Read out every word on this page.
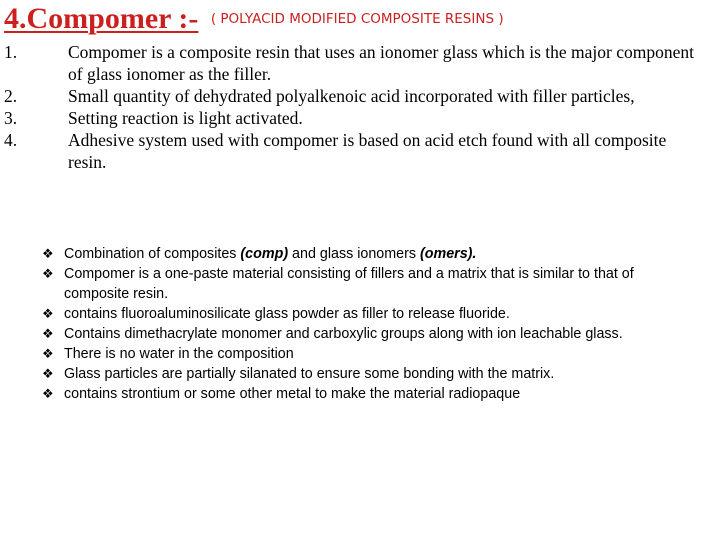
4.Compomer :- $^{( POLYACID MODIFIED COMPOSITE RESINS )}$
1.	Compomer is a composite resin that uses an ionomer glass which is the major component of glass ionomer as the filler.
2.	Small quantity of dehydrated polyalkenoic acid incorporated with filler particles,
3.	Setting reaction is light activated.
4.	Adhesive system used with compomer is based on acid etch found with all composite resin.
❖ Combination of composites (comp) and glass ionomers (omers).
❖ Compomer is a one-paste material consisting of fillers and a matrix that is similar to that of composite resin.
❖ contains fluoroaluminosilicate glass powder as filler to release fluoride.
❖ Contains dimethacrylate monomer and carboxylic groups along with ion leachable glass.
❖ There is no water in the composition
❖ Glass particles are partially silanated to ensure some bonding with the matrix.
❖ contains strontium or some other metal to make the material radiopaque
